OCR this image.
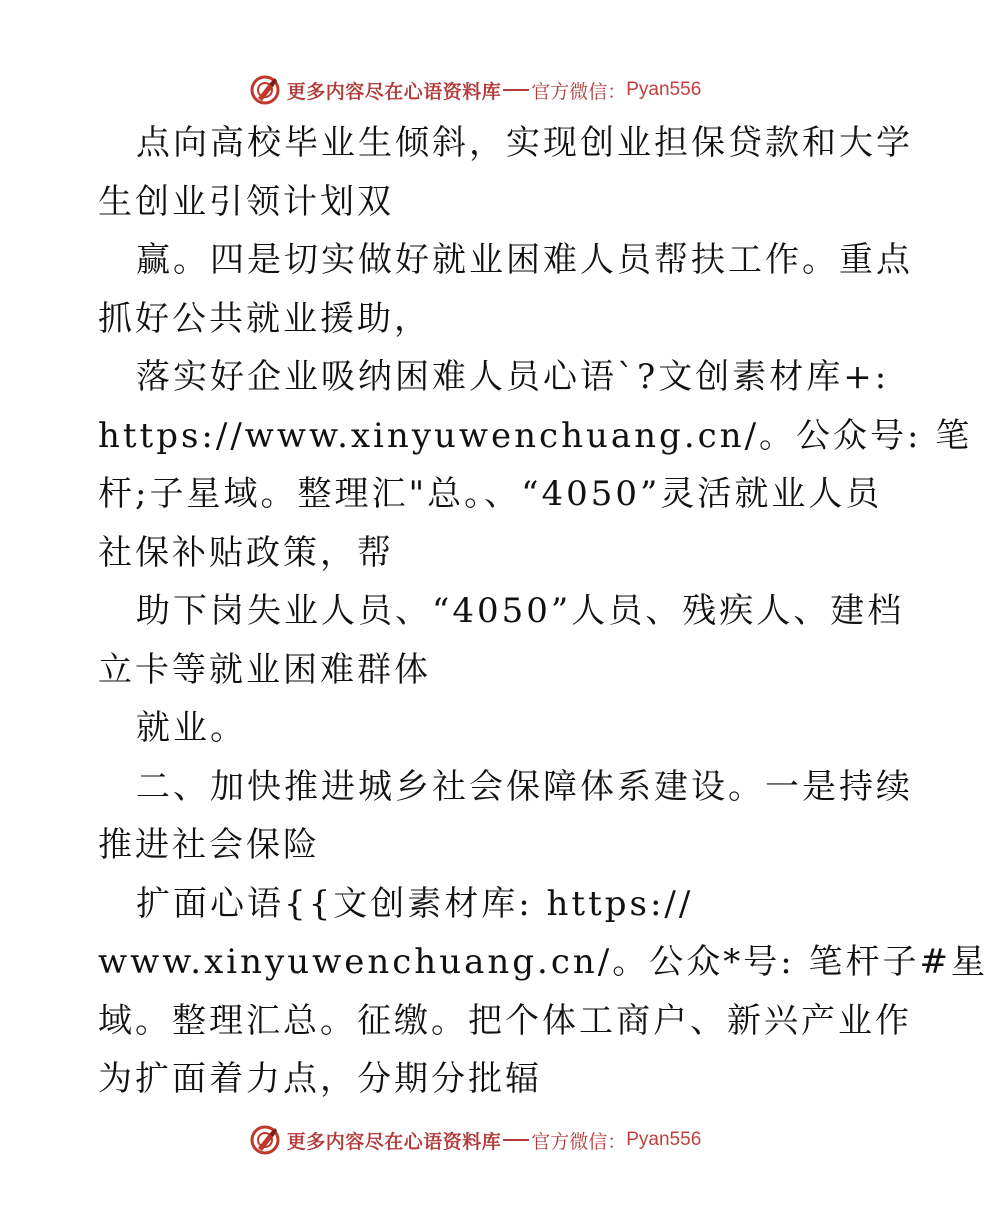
更多内容尽在心语资料库 官方微信： Pyan556
点向高校毕业生倾斜，实现创业担保贷款和大学
生创业引领计划双
赢。四是切实做好就业困难人员帮扶工作。重点
抓好公共就业援助，
落实好企业吸纳困难人员心语`?文创素材库+:
https://www.xinyuwenchuang.cn/。公众号: 笔
杆;子星域。整理汇"总。、“4050”灵活就业人员
社保补贴政策，帮
助下岗失业人员、“4050”人员、残疾人、建档
立卡等就业困难群体
就业。
二、加快推进城乡社会保障体系建设。一是持续
推进社会保险
扩面心语{{文创素材库: https://
www.xinyuwenchuang.cn/。公众*号: 笔杆子#星
域。整理汇总。征缴。把个体工商户、新兴产业作
为扩面着力点，分期分批辐
更多内容尽在心语资料库 官方微信： Pyan556
